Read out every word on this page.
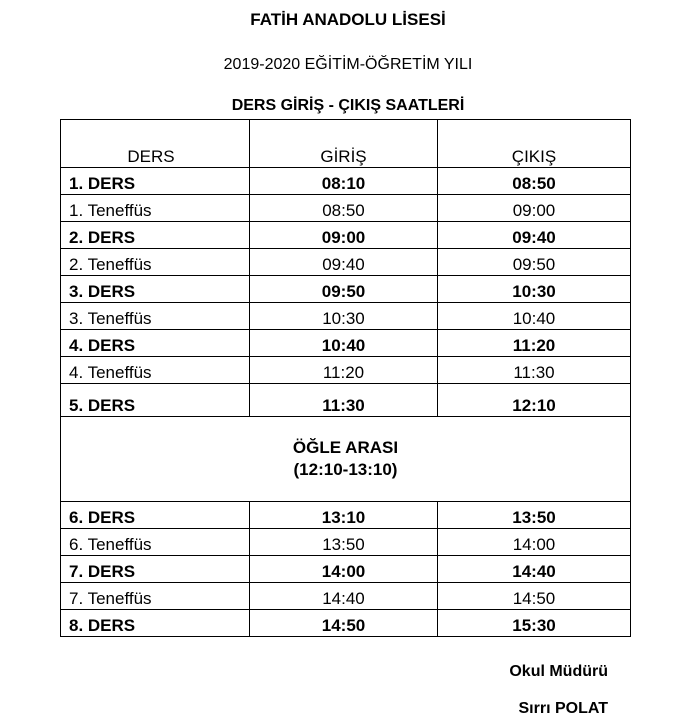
FATİH ANADOLU LİSESİ
2019-2020 EĞİTİM-ÖĞRETİM YILI
DERS GİRİŞ - ÇIKIŞ SAATLERİ
DERS	GİRİŞ	ÇIKIŞ
1. DERS	08:10	08:50
1. Teneffüs	08:50	09:00
2. DERS	09:00	09:40
2. Teneffüs	09:40	09:50
3. DERS	09:50	10:30
3. Teneffüs	10:30	10:40
4. DERS	10:40	11:20
4. Teneffüs	11:20	11:30
5. DERS	11:30	12:10

ÖĞLE ARASI
(12:10-13:10)		

6. DERS	13:10	13:50
6. Teneffüs	13:50	14:00
7. DERS	14:00	14:40
7. Teneffüs	14:40	14:50
8. DERS	14:50	15:30
Okul Müdürü
Sırrı POLAT
